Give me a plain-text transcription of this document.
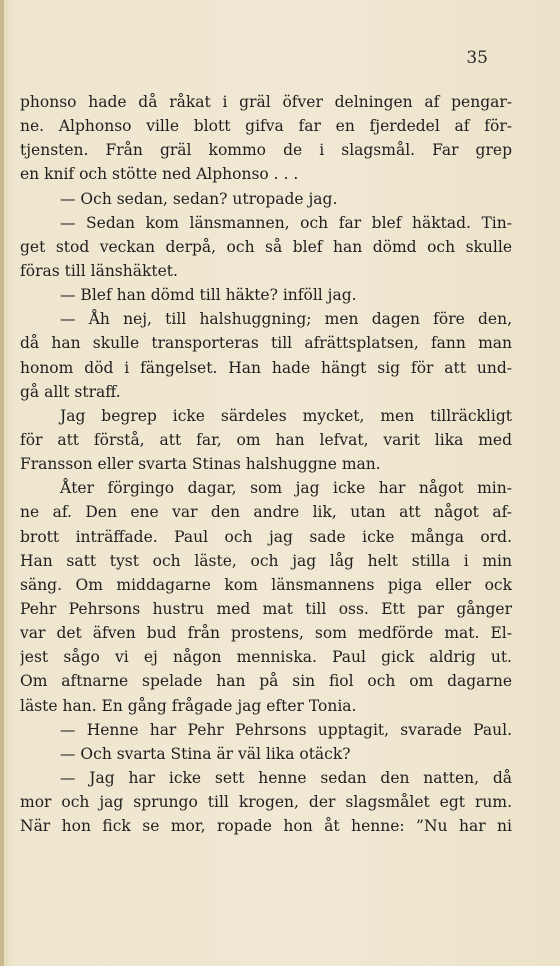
35
phonso hade då råkat i gräl öfver delningen af pengar-
ne. Alphonso ville blott gifva far en fjerdedel af för-
tjensten. Från gräl kommo de i slagsmål. Far grep
en knif och stötte ned Alphonso . . .
— Och sedan, sedan? utropade jag.
— Sedan kom länsmannen, och far blef häktad. Tin-
get stod veckan derpå, och så blef han dömd och skulle
föras till länshäktet.
— Blef han dömd till häkte? inföll jag.
— Åh nej, till halshuggning; men dagen före den,
då han skulle transporteras till afrättsplatsen, fann man
honom död i fängelset. Han hade hängt sig för att und-
gå allt straff.
Jag begrep icke särdeles mycket, men tillräckligt
för att förstå, att far, om han lefvat, varit lika med
Fransson eller svarta Stinas halshuggne man.
Åter förgingo dagar, som jag icke har något min-
ne af. Den ene var den andre lik, utan att något af-
brott inträffade. Paul och jag sade icke många ord.
Han satt tyst och läste, och jag låg helt stilla i min
säng. Om middagarne kom länsmannens piga eller ock
Pehr Pehrsons hustru med mat till oss. Ett par gånger
var det äfven bud från prostens, som medförde mat. El-
jest sågo vi ej någon menniska. Paul gick aldrig ut.
Om aftnarne spelade han på sin fiol och om dagarne
läste han. En gång frågade jag efter Tonia.
— Henne har Pehr Pehrsons upptagit, svarade Paul.
— Och svarta Stina är väl lika otäck?
— Jag har icke sett henne sedan den natten, då
mor och jag sprungo till krogen, der slagsmålet egt rum.
När hon fick se mor, ropade hon åt henne: ”Nu har ni
